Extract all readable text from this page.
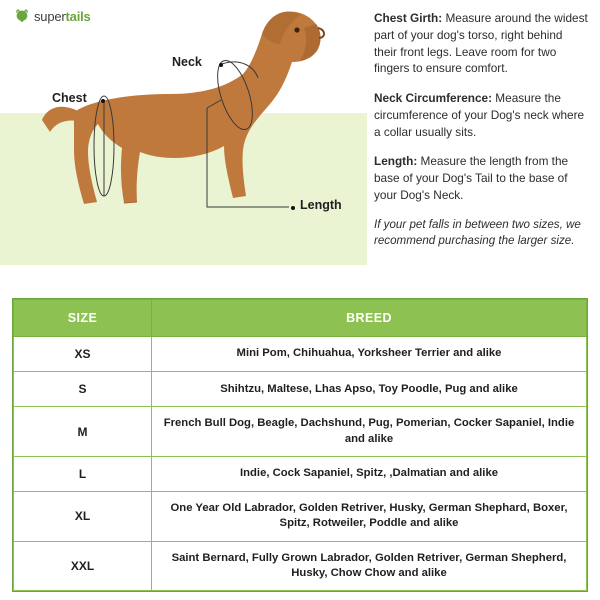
supertails
Neck
Chest
Length

Chest Girth: Measure around the widest part of your dog's torso, right behind their front legs. Leave room for two fingers to ensure comfort.

Neck Circumference: Measure the circumference of your Dog's neck where a collar usually sits.

Length: Measure the length from the base of your Dog's Tail to the base of your Dog's Neck.

If your pet falls in between two sizes, we recommend purchasing the larger size.

SIZE	BREED
XS	Mini Pom, Chihuahua, Yorksheer Terrier and alike
S	Shihtzu, Maltese, Lhas Apso, Toy Poodle, Pug and alike
M	French Bull Dog, Beagle, Dachshund, Pug, Pomerian, Cocker Sapaniel, Indie and alike
L	Indie, Cock Sapaniel, Spitz, ,Dalmatian and alike
XL	One Year Old Labrador, Golden Retriver, Husky, German Shephard, Boxer, Spitz, Rotweiler, Poddle and alike
XXL	Saint Bernard, Fully Grown Labrador, Golden Retriver, German Shepherd, Husky, Chow Chow and alike
